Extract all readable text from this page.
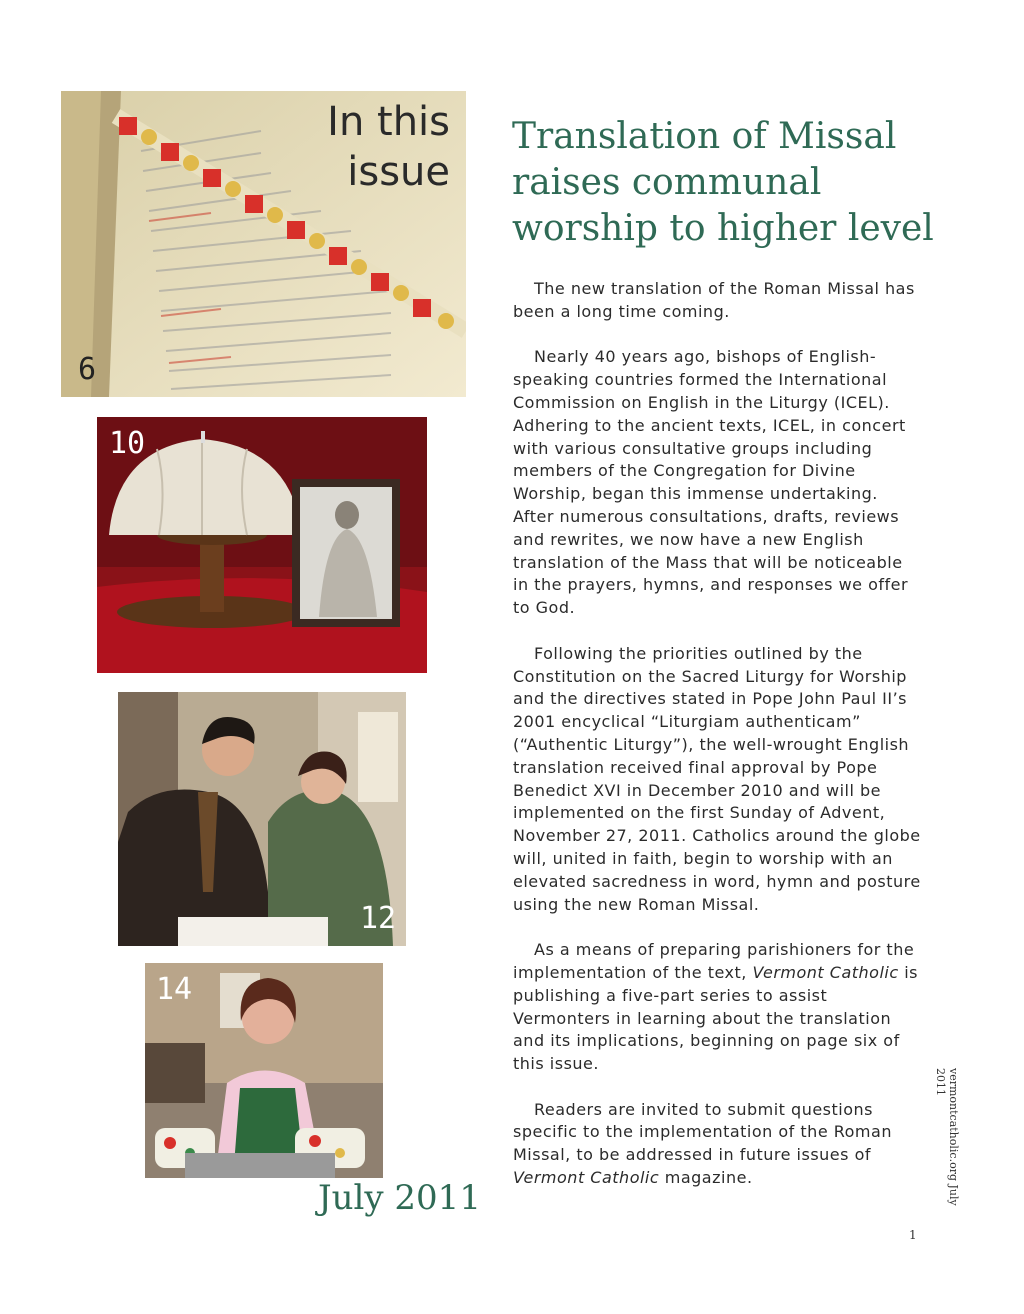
In this
issue
6
10
12
14
July 2011
Translation of Missal raises communal worship to higher level

The new translation of the Roman Missal has been a long time coming.

Nearly 40 years ago, bishops of English-speaking countries formed the International Commission on English in the Liturgy (ICEL). Adhering to the ancient texts, ICEL, in concert with various consultative groups including members of the Congregation for Divine Worship, began this immense undertaking. After numerous consultations, drafts, reviews and rewrites, we now have a new English translation of the Mass that will be noticeable in the prayers, hymns, and responses we offer to God.

Following the priorities outlined by the Constitution on the Sacred Liturgy for Worship and the directives stated in Pope John Paul II’s 2001 encyclical “Liturgiam authenticam” (“Authentic Liturgy”), the well-wrought English translation received final approval by Pope Benedict XVI in December 2010 and will be implemented on the first Sunday of Advent, November 27, 2011. Catholics around the globe will, united in faith, begin to worship with an elevated sacredness in word, hymn and posture using the new Roman Missal.

As a means of preparing parishioners for the implementation of the text, Vermont Catholic is publishing a five-part series to assist Vermonters in learning about the translation and its implications, beginning on page six of this issue.

Readers are invited to submit questions specific to the implementation of the Roman Missal, to be addressed in future issues of Vermont Catholic magazine.	vermontcatholic.org July 2011
1
